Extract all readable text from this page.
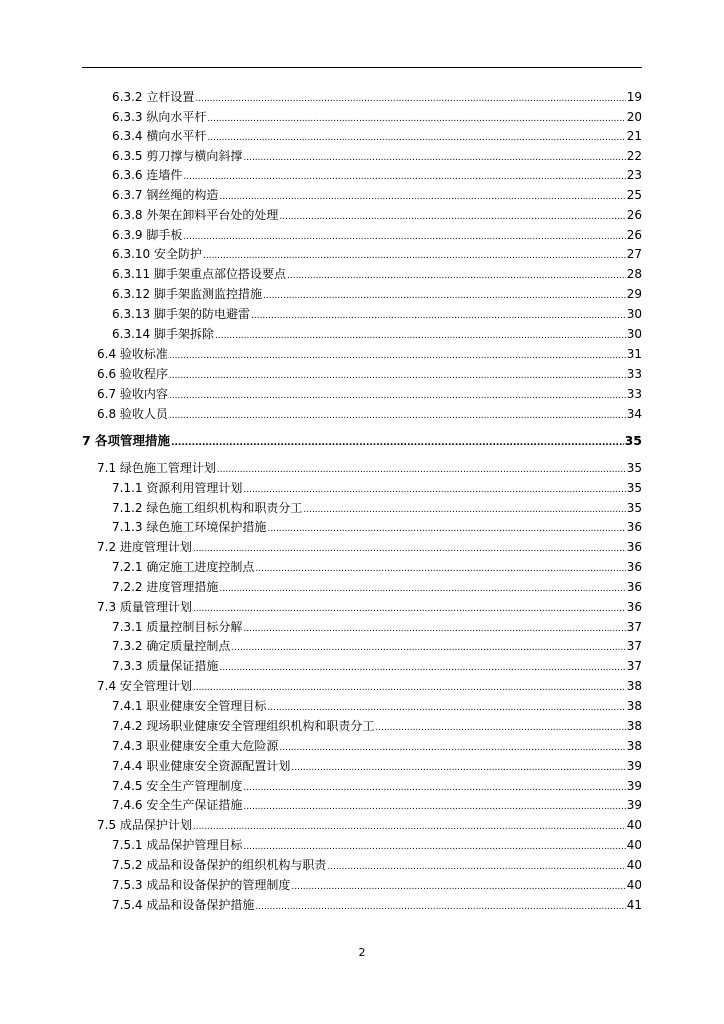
6.3.2 立杆设置 .....	19
6.3.3 纵向水平杆 .....	20
6.3.4 横向水平杆 .....	21
6.3.5 剪刀撑与横向斜撑 .....	22
6.3.6 连墙件 .....	23
6.3.7 钢丝绳的构造 .....	25
6.3.8 外架在卸料平台处的处理 .....	26
6.3.9 脚手板 .....	26
6.3.10 安全防护 .....	27
6.3.11 脚手架重点部位搭设要点 .....	28
6.3.12 脚手架监测监控措施 .....	29
6.3.13 脚手架的防电避雷 .....	30
6.3.14 脚手架拆除 .....	30
6.4 验收标准 .....	31
6.6 验收程序 .....	33
6.7 验收内容 .....	33
6.8 验收人员 .....	34
7 各项管理措施 .....	35
7.1 绿色施工管理计划 .....	35
7.1.1 资源利用管理计划 .....	35
7.1.2 绿色施工组织机构和职责分工 .....	35
7.1.3 绿色施工环境保护措施 .....	36
7.2 进度管理计划 .....	36
7.2.1 确定施工进度控制点 .....	36
7.2.2 进度管理措施 .....	36
7.3 质量管理计划 .....	36
7.3.1 质量控制目标分解 .....	37
7.3.2 确定质量控制点 .....	37
7.3.3 质量保证措施 .....	37
7.4 安全管理计划 .....	38
7.4.1 职业健康安全管理目标 .....	38
7.4.2 现场职业健康安全管理组织机构和职责分工 .....	38
7.4.3 职业健康安全重大危险源 .....	38
7.4.4 职业健康安全资源配置计划 .....	39
7.4.5 安全生产管理制度 .....	39
7.4.6 安全生产保证措施 .....	39
7.5 成品保护计划 .....	40
7.5.1 成品保护管理目标 .....	40
7.5.2 成品和设备保护的组织机构与职责 .....	40
7.5.3 成品和设备保护的管理制度 .....	40
7.5.4 成品和设备保护措施 .....	41
2
